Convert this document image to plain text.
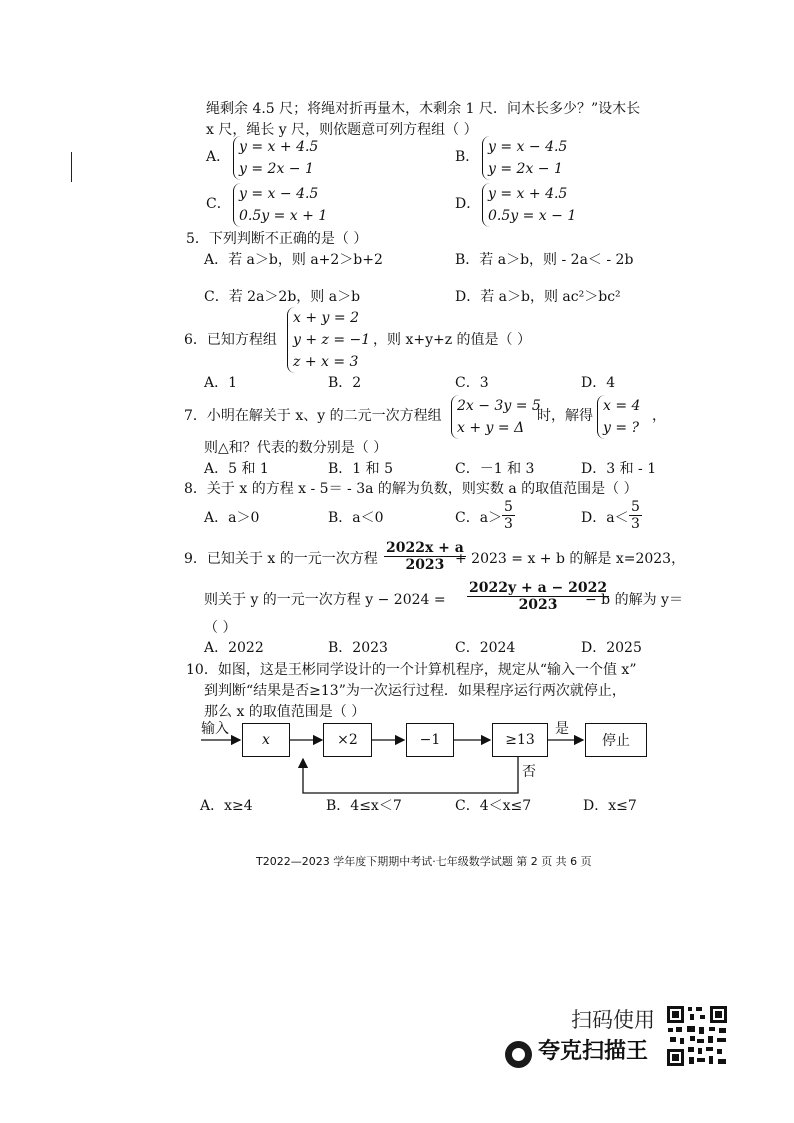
绳剩余 4.5 尺；将绳对折再量木，木剩余 1 尺．问木长多少？”设木长
x 尺，绳长 y 尺，则依题意可列方程组（ ）
A．
y = x + 4.5
y = 2x − 1
B．
y = x − 4.5
y = 2x − 1
C．
y = x − 4.5
0.5y = x + 1
D．
y = x + 4.5
0.5y = x − 1
5．下列判断不正确的是（ ）
A．若 a＞b，则 a+2＞b+2	B．若 a＞b，则 - 2a＜ - 2b
C．若 2a＞2b，则 a＞b	D．若 a＞b，则 ac²＞bc²
6．已知方程组
x + y = 2
y + z = −1
z + x = 3
，则 x+y+z 的值是（ ）
A．1	B．2	C．3	D．4
7．小明在解关于 x、y 的二元一次方程组
2x − 3y = 5
x + y = Δ
时，解得
x = 4
y = ?
，
则△和？代表的数分别是（ ）
A．5 和 1	B．1 和 5	C．－1 和 3	D．3 和 - 1
8．关于 x 的方程 x - 5＝ - 3a 的解为负数，则实数 a 的取值范围是（ ）
A．a＞0	B．a＜0	C．$a> \frac{5}{3}$	D．$a< \frac{5}{3}$
9．已知关于 x 的一元一次方程 $\frac{2022x + a}{2023}$
+ 2023 = x + b 的解是 x=2023，
则关于 y 的一元一次方程 $y - 2024 = \frac{2022y + a - 2022}{2023}$
− b 的解为 y＝
（ ）
A．2022	B．2023	C．2024	D．2025
10．如图，这是王彬同学设计的一个计算机程序，规定从“输入一个值 x”
到判断“结果是否≥13”为一次运行过程．如果程序运行两次就停止，
那么 x 的取值范围是（ ）
输入
x	×2	−1	≥13
是
停止
否
A．x≥4	B．4≤x＜7	C．4＜x≤7	D．x≤7
T2022—2023 学年度下期期中考试·七年级数学试题 第 2 页 共 6 页
扫码使用
夸克扫描王
